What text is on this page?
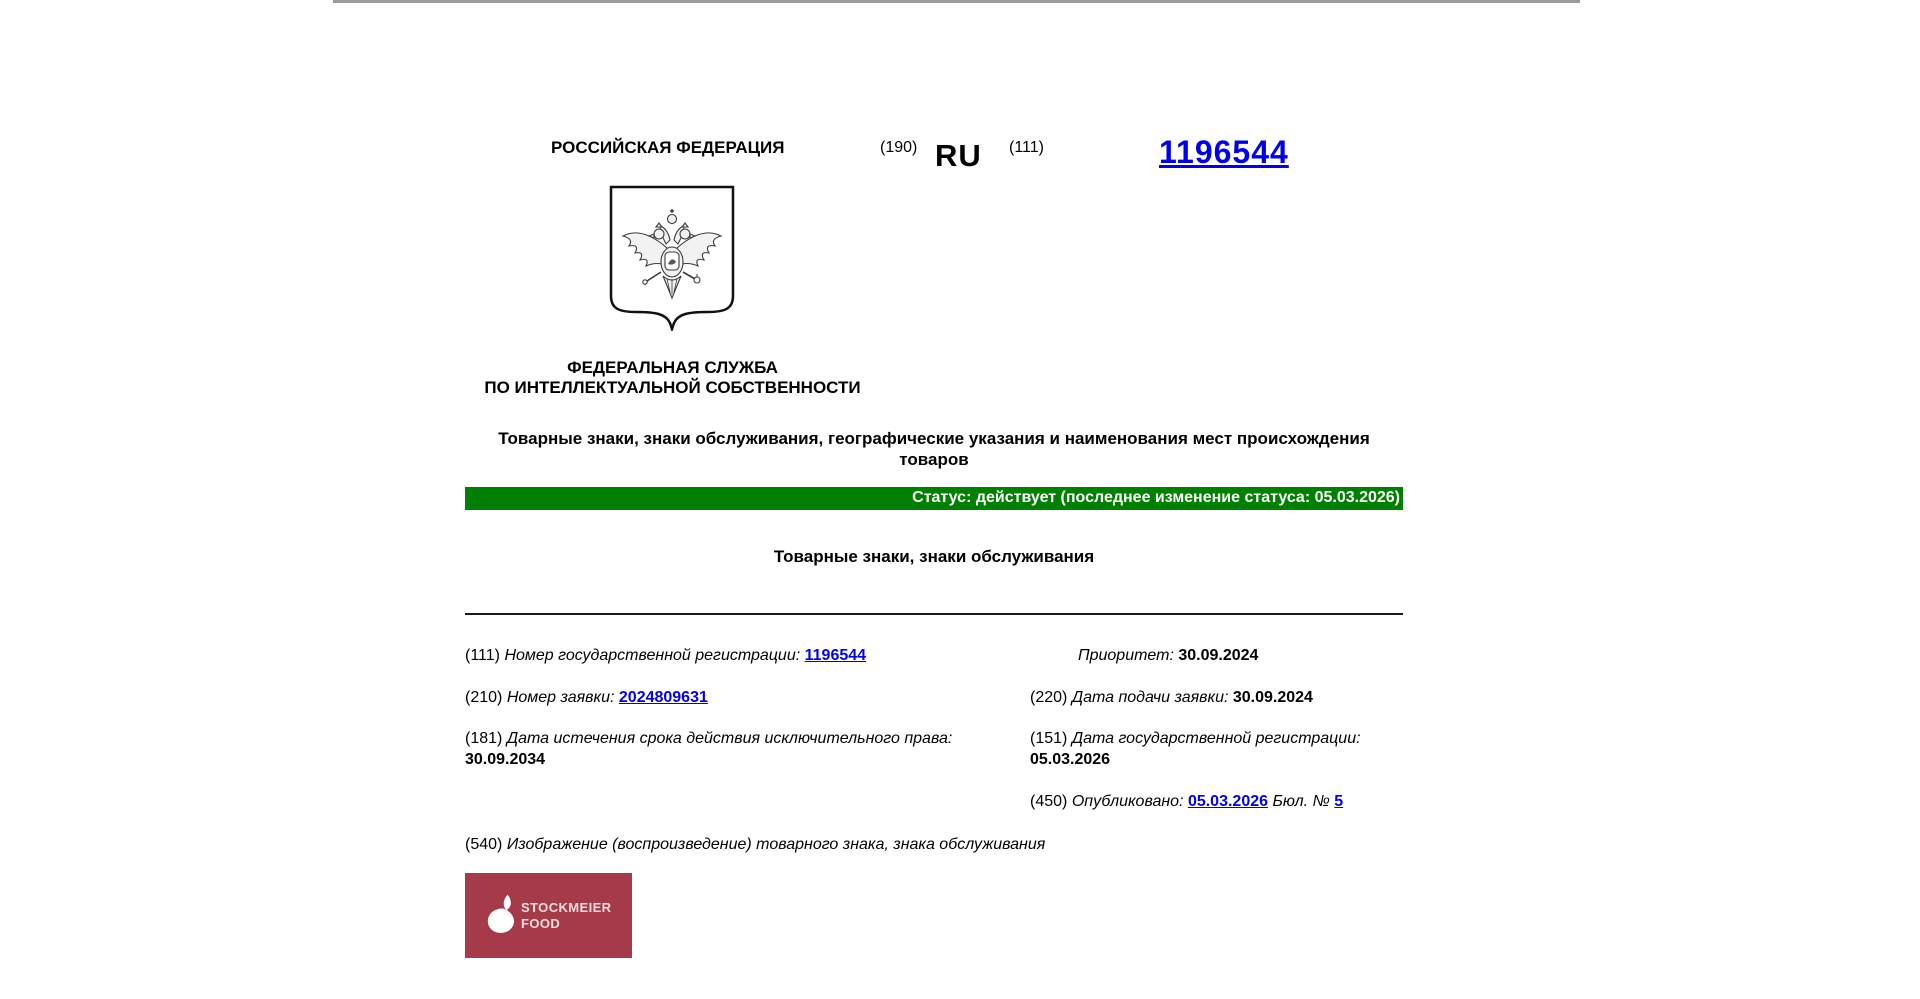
РОССИЙСКАЯ ФЕДЕРАЦИЯ	(190) RU (111)	1196544
ФЕДЕРАЛЬНАЯ СЛУЖБА
ПО ИНТЕЛЛЕКТУАЛЬНОЙ СОБСТВЕННОСТИ
Товарные знаки, знаки обслуживания, географические указания и наименования мест происхождения товаров
Статус: действует (последнее изменение статуса: 05.03.2026)
Товарные знаки, знаки обслуживания
(111) Номер государственной регистрации: 1196544	Приоритет: 30.09.2024
(210) Номер заявки: 2024809631	(220) Дата подачи заявки: 30.09.2024
(181) Дата истечения срока действия исключительного права:
30.09.2034
(151) Дата государственной регистрации:
05.03.2026
(450) Опубликовано: 05.03.2026 Бюл. № 5
(540) Изображение (воспроизведение) товарного знака, знака обслуживания
STOCKMEIER
FOOD
